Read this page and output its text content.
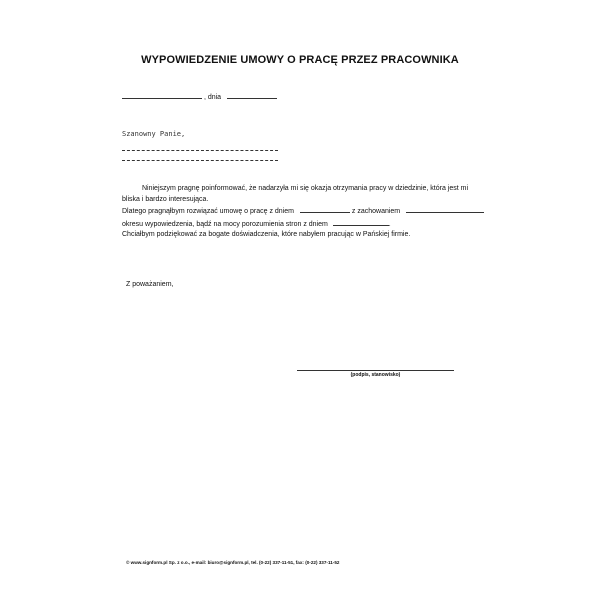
WYPOWIEDZENIE UMOWY O PRACĘ PRZEZ PRACOWNIKA
, dnia
Szanowny Panie,
Niniejszym pragnę poinformować, że nadarzyła mi się okazja otrzymania pracy w dziedzinie, która jest mi
bliska i bardzo interesująca.
Dlatego pragnąłbym rozwiązać umowę o pracę z dniem	z zachowaniem
okresu wypowiedzenia, bądź na mocy porozumienia stron z dniem	.
Chciałbym podziękować za bogate doświadczenia, które nabyłem pracując w Pańskiej firmie.
Z poważaniem,
(podpis, stanowisko)
© www.signform.pl Sp. z o.o., e-mail: biuro@signform.pl, tel. (0-22) 337-11-51, fax: (0-22) 337-11-52
